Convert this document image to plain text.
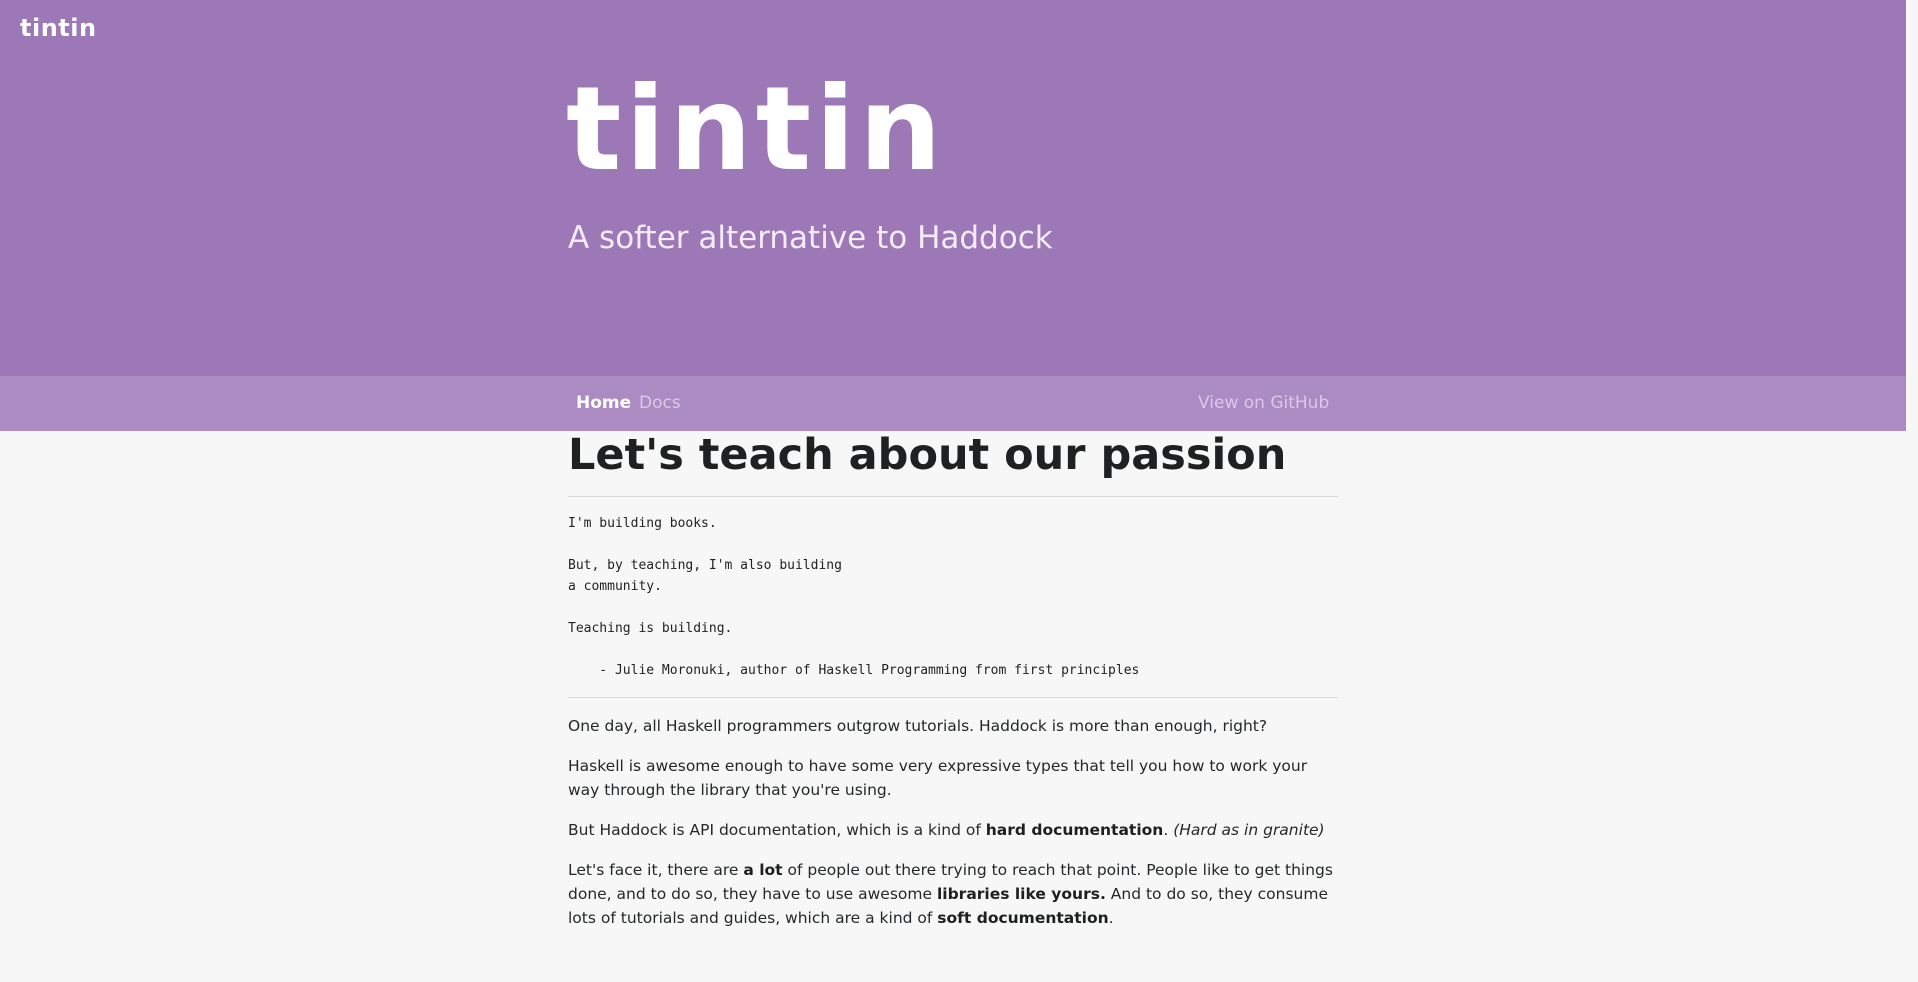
tintin
tintin
A softer alternative to Haddock
Home Docs	View on GitHub
Let's teach about our passion
I'm building books.
But, by teaching, I'm also building
a community.
Teaching is building.
- Julie Moronuki, author of Haskell Programming from first principles

One day, all Haskell programmers outgrow tutorials. Haddock is more than enough, right?

Haskell is awesome enough to have some very expressive types that tell you how to work your way through the library that you're using.

But Haddock is API documentation, which is a kind of hard documentation. (Hard as in granite)

Let's face it, there are a lot of people out there trying to reach that point. People like to get things done, and to do so, they have to use awesome libraries like yours. And to do so, they consume lots of tutorials and guides, which are a kind of soft documentation.
